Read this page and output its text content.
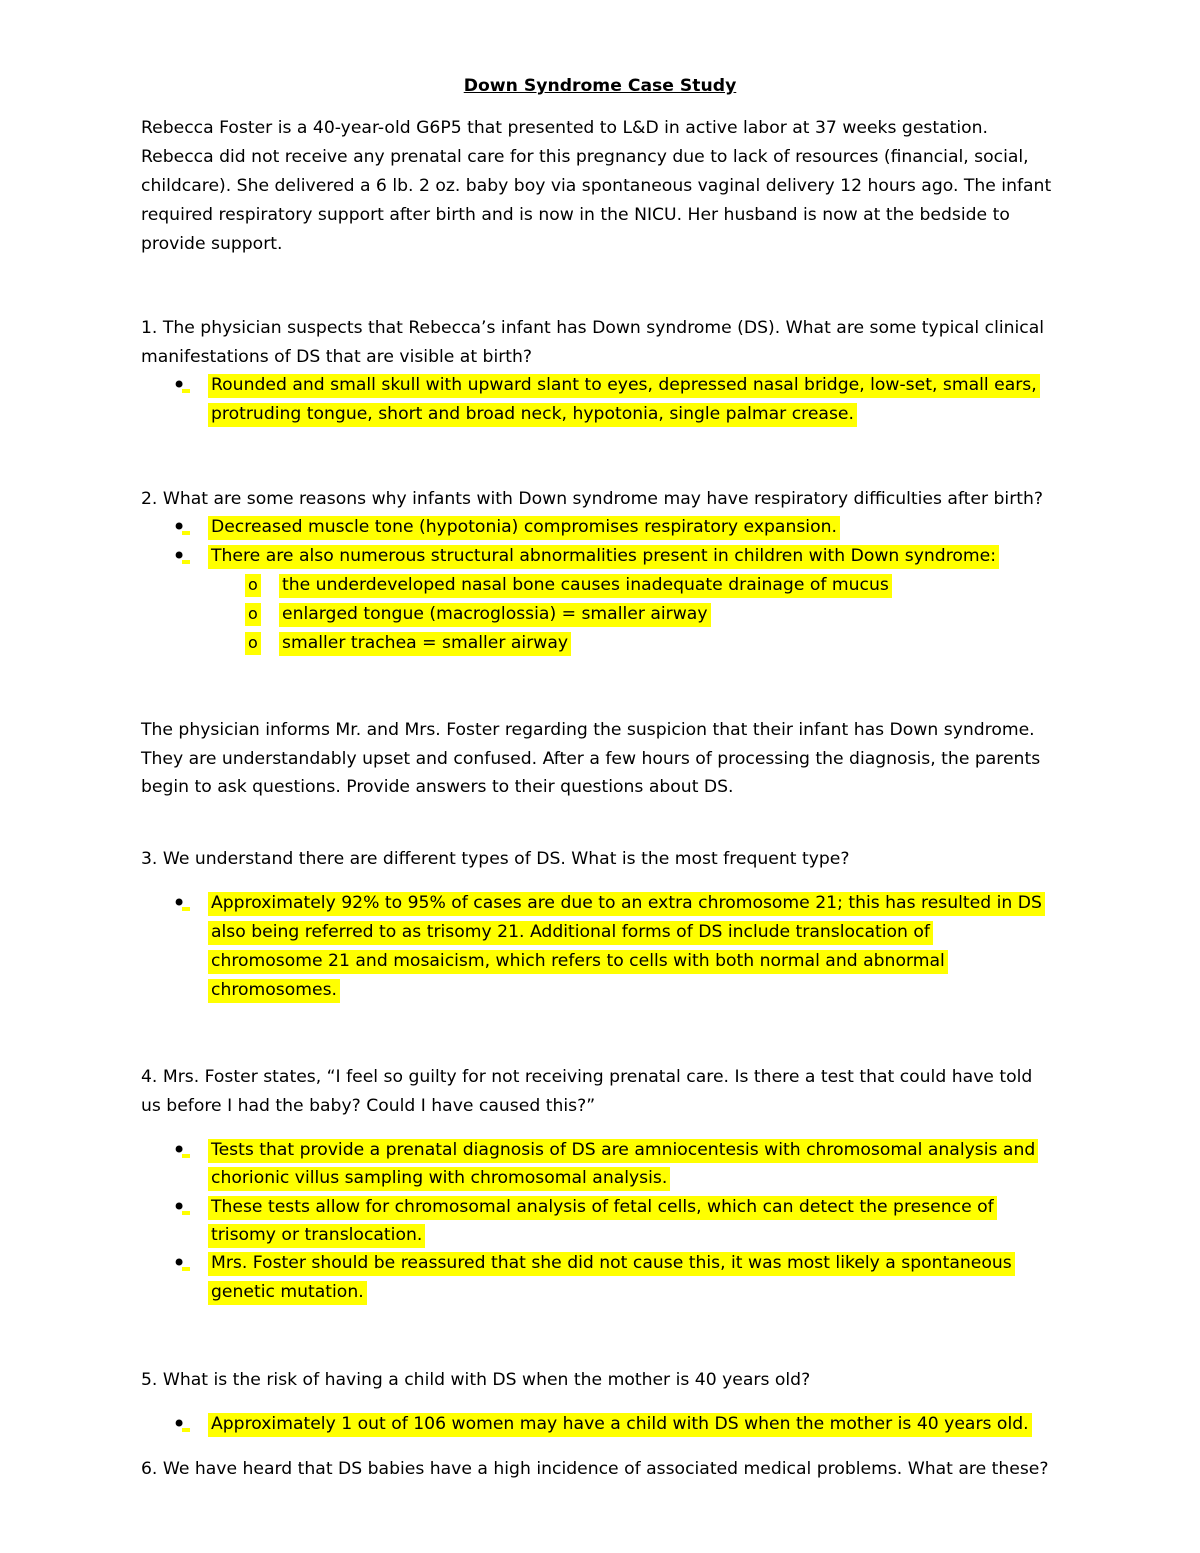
Down Syndrome Case Study
Rebecca Foster is a 40-year-old G6P5 that presented to L&D in active labor at 37 weeks gestation.
Rebecca did not receive any prenatal care for this pregnancy due to lack of resources (financial, social,
childcare). She delivered a 6 lb. 2 oz. baby boy via spontaneous vaginal delivery 12 hours ago. The infant
required respiratory support after birth and is now in the NICU. Her husband is now at the bedside to
provide support.
1. The physician suspects that Rebecca’s infant has Down syndrome (DS). What are some typical clinical
manifestations of DS that are visible at birth?
•
Rounded and small skull with upward slant to eyes, depressed nasal bridge, low-set, small ears,
protruding tongue, short and broad neck, hypotonia, single palmar crease.
2. What are some reasons why infants with Down syndrome may have respiratory difficulties after birth?
•
Decreased muscle tone (hypotonia) compromises respiratory expansion.
•
There are also numerous structural abnormalities present in children with Down syndrome:
o the underdeveloped nasal bone causes inadequate drainage of mucus
o enlarged tongue (macroglossia) = smaller airway
o smaller trachea = smaller airway
The physician informs Mr. and Mrs. Foster regarding the suspicion that their infant has Down syndrome.
They are understandably upset and confused. After a few hours of processing the diagnosis, the parents
begin to ask questions. Provide answers to their questions about DS.
3. We understand there are different types of DS. What is the most frequent type?
•
Approximately 92% to 95% of cases are due to an extra chromosome 21; this has resulted in DS
also being referred to as trisomy 21. Additional forms of DS include translocation of
chromosome 21 and mosaicism, which refers to cells with both normal and abnormal
chromosomes.
4. Mrs. Foster states, “I feel so guilty for not receiving prenatal care. Is there a test that could have told
us before I had the baby? Could I have caused this?”
•
Tests that provide a prenatal diagnosis of DS are amniocentesis with chromosomal analysis and
chorionic villus sampling with chromosomal analysis.
•
These tests allow for chromosomal analysis of fetal cells, which can detect the presence of
trisomy or translocation.
•
Mrs. Foster should be reassured that she did not cause this, it was most likely a spontaneous
genetic mutation.
5. What is the risk of having a child with DS when the mother is 40 years old?
•
Approximately 1 out of 106 women may have a child with DS when the mother is 40 years old.
6. We have heard that DS babies have a high incidence of associated medical problems. What are these?
